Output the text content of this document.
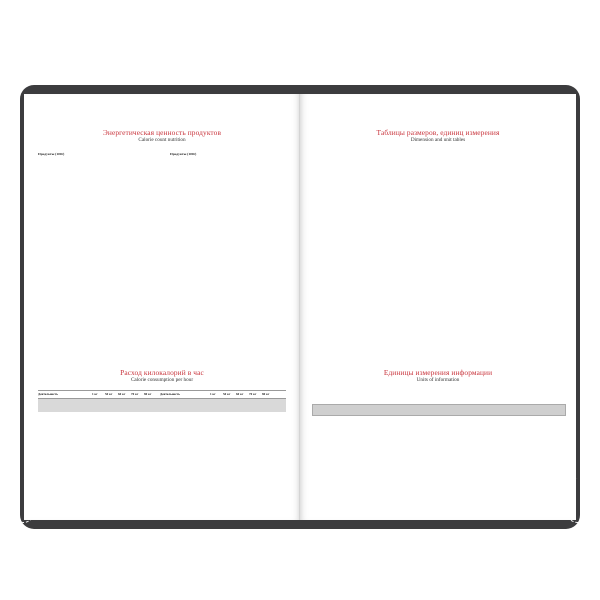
Энергетическая ценность продуктов
Calorie count nutrition
Продукты (100г)	Продукты (100г)
Расход килокалорий в час
Calorie consumption per hour
Деятельность	1 кг	50 кг	60 кг	70 кг	80 кг	Деятельность	1 кг	50 кг	60 кг	70 кг	80 кг
Таблицы размеров, единиц измерения
Dimension and unit tables
Единицы измерения информации
Units of information
